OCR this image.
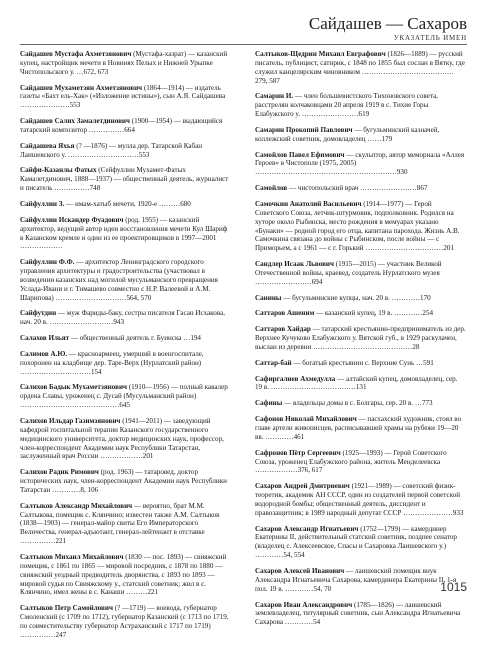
Сайдашев — Сахаров
УКАЗАТЕЛЬ ИМЕН

Сайдашев Мустафа Ахметзянович (Мустафа-хазрат) — казанский купец, настройщик мечети в Новинях Пелых и Нижней Урыпке Чистопольского у. …672, 673

Сайдашев Мухаметзян Ахметзянович (1864—1914) — издатель газеты «Бахт ель-Хак» («Изложение истины»), сын А.Я. Сайдашева …………………553

Сайдашев Салих Замалетдинович (1900—1954) — выдающийся татарский композитор ……………664

Сайдашева Яхья (? —1876) — мулла дер. Татарской Кабан Лаишевского у. …………………………553

Сайфи-Казанлы Фатых (Сейфуллин Мухамет-Фатых Камалетдинович, 1888—1937) — общественный деятель, журналист и писатель ……………748

Сайфуллин З. — имам-хатыб мечети, 1920-е ………680

Сайфуллин Искандер Фуадович (род. 1955) — казанский архитектор, ведущий автор идеи восстановления мечети Кул Шариф в Казанском кремле и один из ее проектировщиков в 1997—2001 ………………

Сайфуллин Ф.Ф. — архитектор Ленинградского городского управления архитектуры и градостроительства (участвовал в возведении казанских над могилой мусульманского превращения Услада-Ивани и г. Тимашево совместно с Н.Р. Валеевой и А.М. Шарипова) …………………………564, 570

Сайфутдин — муж Фариды-баку, сестры писателя Гасан Исхакова, нач. 20 в. ………………………943

Салахов Ильят — общественный деятель г. Буинска …194

Салимов А.Ю. — красноармеец, умерший в военгоспитале, похоронен на кладбище дер. Таре-Верх (Нурлатский район) …………………………154

Салихов Бадык Мухаметзянович (1910—1956) — полный кавалер ордена Славы, уроженец с. Дусай (Мусульманский район) ……………………………………645

Салихов Ильдар Газимзянович (1941—2011) — заведующий кафедрой госпитальной терапии Казанского государственного медицинского университета, доктор медицинских наук, профессор, член-корреспондент Академии наук Республики Татарстан, заслуженный врач России ………………201

Салихов Радик Римович (род. 1963) — татаровед, доктор исторических наук, член-корреспондент Академии наук Республики Татарстан …………8, 106

Салтыков Александр Михайлович — вероятно, брат М.М. Салтыкова, помещик с. Клянчино; известен также А.М. Салтыков (1838—1903) — генерал-майор свиты Его Императорского Величества, генерал-адъютант, генерал-лейтенант в отставке ……………221

Салтыков Михаил Михайлович (1830 — пос. 1893) — свияжский помещик, с 1861 по 1865 — мировой посредник, с 1878 по 1880 — свияжский уездный предводитель дворянства, с 1893 по 1893 — мировой судья по Свияжскому у., статский советник; жил в с. Клянчино, имел жены в с. Канаши ………221

Салтыков Петр Самойлович (? —1719) — воевода, губернатор Смоленский (с 1709 по 1712), губернатор Казанский (с 1713 по 1719, по совместительству губернатор Астраханский с 1717 по 1719) ……………247

Салтыков-Щедрин Михаил Евграфович (1826—1889) — русский писатель, публицист, сатирик, с 1848 по 1855 был сослан в Вятку, где служил канцелярским чиновником …………………………………279, 587

Самарин И. — член большевистского Тихоновского совета, расстрелян колчаковцами 20 апреля 1919 в с. Тихие Горы Елабужского у. ……………………619

Самарин Прокопий Павлович — бугульминский казначей, коллежский советник, домовладелец ……179

Самойлов Павел Ефимович — скульптор, автор мемориала «Аллея Героев» в Чистополе (1975, 2005) ……………………………………………………930

Самойлов — чистопольский врач ……………………867

Самочкин Анатолий Васильевич (1914—1977) — Герой Советского Союза, летчик-штурмовик, подполковник. Родился на хуторе около Рыбинска, место рождения в мемуарах указано «Бунаки» — родной город его отца, капитана парохода. Жизнь А.В. Самочкина связана до войны с Рыбинском, после войны — с Приморьем, а с 1961 — с г. Горький ……………………………201

Сандлер Исаак Львович (1915—2015) — участник Великой Отечественной войны, краевед, создатель Нурлатского музея ……………………694

Санины — бугульминские купцы, нач. 20 в. …………170

Саттаров Ашеним — казанский купец, 19 в. …………254

Саттаров Хайдар — татарский крестьянин-предприниматель из дер. Верхнее Кучуково Елабужского у. Вятской губ., в 1929 раскулачен, выслан из деревни ……………………………………28

Саттар-бай — богатый крестьянин с. Верхние Сунь …591

Сафиргалиев Ахмедулла — алтайский купец, домовладелец, сер. 19 в. ………………………………131

Сафины — владельцы домы в с. Болгары, сер. 20 в. …773

Сафонов Николай Михайлович — пасхахский художник, стоял во главе артели живописцев, расписывавшей храмы на рубеже 19—20 вв. …………461

Сафронов Пётр Сергеевич (1925—1993) — Герой Советского Союза, уроженец Елабужского района, житель Менделеевска ………………376, 617

Сахаров Андрей Дмитриевич (1921—1989) — советский физик-теоретик, академик АН СССР, один из создателей первой советской водородной бомбы; общественный деятель, диссидент и правозащитник; в 1989 народный депутат СССР …………………933

Сахаров Александр Игнатьевич (1752—1799) — камердинер Екатерины II, действительный статский советник, позднее сенатор (владелец с. Алексеевское, Спасы и Сахаровка Лаишевского у.) …………54, 554

Сахаров Алексей Иванович — лаишевский помещик внук Александра Игнатьевича Сахарова, камердинера Екатерины II, 1-я пол. 19 в. …………54, 70

Сахаров Иван Александрович (1785—1826) — лаишевский землевладелец, титулярный советник, сын Александра Игнатьевича Сахарова …………54

1015
